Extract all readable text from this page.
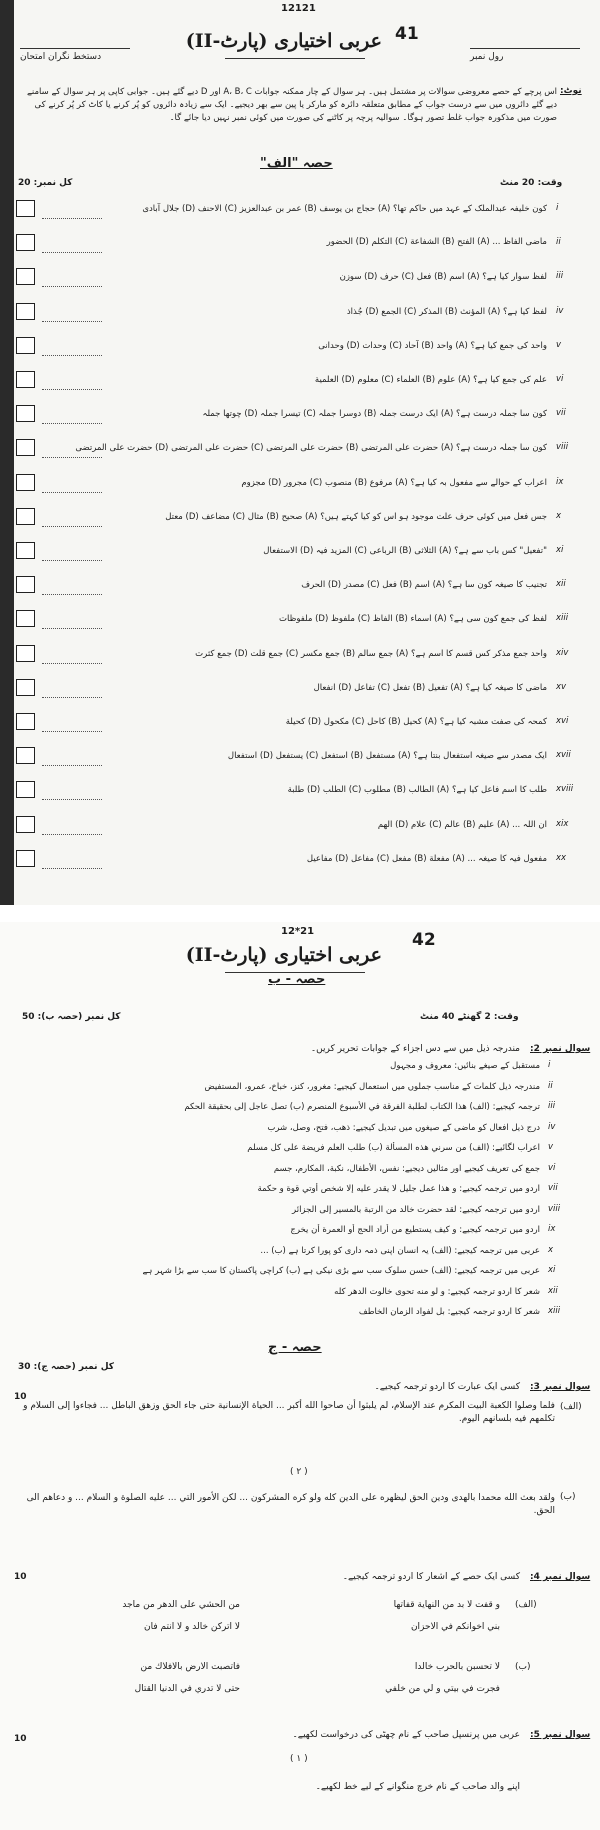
12121
41
عربی اختیاری (پارٹ-II)
رول نمبر
دستخط نگران امتحان
نوٹ:
اس پرچے کے حصے معروضی سوالات پر مشتمل ہیں۔ ہر سوال کے چار ممکنہ جوابات A، B، C اور D دیے گئے ہیں۔ جوابی کاپی پر ہر سوال کے سامنے دیے گئے دائروں میں سے درست جواب کے مطابق متعلقہ دائرہ کو مارکر یا پین سے بھر دیجیے۔ ایک سے زیادہ دائروں کو پُر کرنے یا کاٹ کر پُر کرنے کی صورت میں مذکورہ جواب غلط تصور ہوگا۔ سوالیہ پرچہ پر کاٹنے کی صورت میں کوئی نمبر نہیں دیا جائے گا۔
حصہ "الف"
وقت: 20 منٹ
کل نمبر: 20
کون خلیفہ عبدالملک کے عہد میں حاکم تھا؟ (A) حجاج بن یوسف (B) عمر بن عبدالعزیز (C) الاحنف (D) جلال آبادی i
ماضی الفاظ ... (A) الفتح (B) الشفاعة (C) التکلم (D) الحضور ii
لفظ سوار کیا ہے؟ (A) اسم (B) فعل (C) حرف (D) سوزن iii
لفظ کیا ہے؟ (A) المؤنث (B) المذکر (C) الجمع (D) جُذاذ iv
واحد کی جمع کیا ہے؟ (A) واحد (B) آحاد (C) وحدات (D) وحدانی v
علم کی جمع کیا ہے؟ (A) علوم (B) العلماء (C) معلوم (D) العلمیة vi
کون سا جملہ درست ہے؟ (A) ایک درست جملہ (B) دوسرا جملہ (C) تیسرا جملہ (D) چوتھا جملہ vii
کون سا جملہ درست ہے؟ (A) حضرت علی المرتضی (B) حضرت علی المرتضی (C) حضرت علی المرتضی (D) حضرت علی المرتضی viii
اعراب کے حوالے سے مفعول بہ کیا ہے؟ (A) مرفوع (B) منصوب (C) مجرور (D) مجزوم ix
جس فعل میں کوئی حرف علت موجود ہو اس کو کیا کہتے ہیں؟ (A) صحیح (B) مثال (C) مضاعف (D) معتل x
"تفعیل" کس باب سے ہے؟ (A) الثلاثی (B) الرباعی (C) المزید فیہ (D) الاستفعال xi
تجنیب کا صیغہ کون سا ہے؟ (A) اسم (B) فعل (C) مصدر (D) الحرف xii
لفظ کی جمع کون سی ہے؟ (A) اسماء (B) الفاظ (C) ملفوظ (D) ملفوظات xiii
واحد جمع مذکر کس قسم کا اسم ہے؟ (A) جمع سالم (B) جمع مکسر (C) جمع قلت (D) جمع کثرت xiv
ماضی کا صیغہ کیا ہے؟ (A) تفعیل (B) تفعل (C) تفاعل (D) انفعال xv
کمحہ کی صفت مشبہ کیا ہے؟ (A) کحیل (B) کاحل (C) مکحول (D) کحیلة xvi
ایک مصدر سے صیغہ استفعال بنتا ہے؟ (A) مستفعل (B) استفعل (C) یستفعل (D) استفعال xvii
طلب کا اسم فاعل کیا ہے؟ (A) الطالب (B) مطلوب (C) الطلب (D) طلبة xviii
ان اللہ ... (A) علیم (B) عالم (C) علام (D) الهم xix
مفعول فیہ کا صیغہ ... (A) مفعلة (B) مفعل (C) مفاعل (D) مفاعیل xx
12*21	42
عربی اختیاری (پارٹ-II)
حصہ - ب
وقت: 2 گھنٹے 40 منٹ
کل نمبر (حصہ ب): 50
سوال نمبر 2:
مندرجہ ذیل میں سے دس اجزاء کے جوابات تحریر کریں۔
مستقبل کے صیغے بنائیں: معروف و مجہول i
مندرجہ ذیل کلمات کے مناسب جملوں میں استعمال کیجیے: مغرور، کنز، خباخ، عمرو، المستفیض ii
ترجمہ کیجیے: (الف) هذا الكتاب لطلبة الفرقة في الأسبوع المنصرم (ب) تصل عاجل إلى بحقيقة الحكم iii
درج ذیل افعال کو ماضی کے صیغوں میں تبدیل کیجیے: ذهب، فتح، وصل، شرب iv
اعراب لگائیے: (الف) من سرني هذه المسألة (ب) طلب العلم فريضة على كل مسلم v
جمع کی تعریف کیجیے اور مثالیں دیجیے: نفس، الأطفال، نكبة، المكارم، جسم vi
اردو میں ترجمہ کیجیے: و هذا عمل جليل لا يقدر عليه إلا شخص أوتي قوة و حكمة vii
اردو میں ترجمہ کیجیے: لقد حضرت خالد من الرتبة بالمسير إلى الجزائر viii
اردو میں ترجمہ کیجیے: و كيف يستطيع من أراد الحج أو العمرة أن يخرج ix
عربی میں ترجمہ کیجیے: (الف) یہ انسان اپنی ذمہ داری کو پورا کرتا ہے (ب) ... x
عربی میں ترجمہ کیجیے: (الف) حسن سلوک سب سے بڑی نیکی ہے (ب) کراچی پاکستان کا سب سے بڑا شہر ہے xi
شعر کا اردو ترجمہ کیجیے: و لو منه تحوى خالوت الدهر كله xii
شعر کا اردو ترجمہ کیجیے: بل لفواد الزمان الخاطف xiii
حصہ - ج
کل نمبر (حصہ ج): 30
سوال نمبر 3:
کسی ایک عبارت کا اردو ترجمہ کیجیے۔
10
(الف)
فلما وصلوا الكعبة البيت المكرم عند الإسلام، لم يلبثوا أن صاحوا الله أكبر ... الحياة الإنسانية حتى جاء الحق وزهق الباطل ... فجاءوا إلى السلام و تكلمهم فيه بلسانهم اليوم.
( ۲ )
(ب)
ولقد بعث الله محمدا بالهدى ودين الحق ليظهره على الدين كله ولو كره المشركون ... لكن الأمور التي ... عليه الصلوة و السلام ... و دعاهم الى الحق.
سوال نمبر 4:
کسی ایک حصے کے اشعار کا اردو ترجمہ کیجیے۔
10
(الف)
و قفت لا بد من النهاية قفاتها
من الحشي على الدهر من ماجد
بني اخوانكم في الاحزان
لا اتركن خالد و لا انتم فان
(ب)
لا تحسبن بالحرب خالدا
فاتصبت الارض بالافلاك من
فجرت في بيتي و لي من خلفي
حتى لا تدري في الدنيا القتال
سوال نمبر 5:
عربی میں پرنسپل صاحب کے نام چھٹی کی درخواست لکھیے۔
10
( ۱ )
اپنے والد صاحب کے نام خرچ منگوانے کے لیے خط لکھیے۔
